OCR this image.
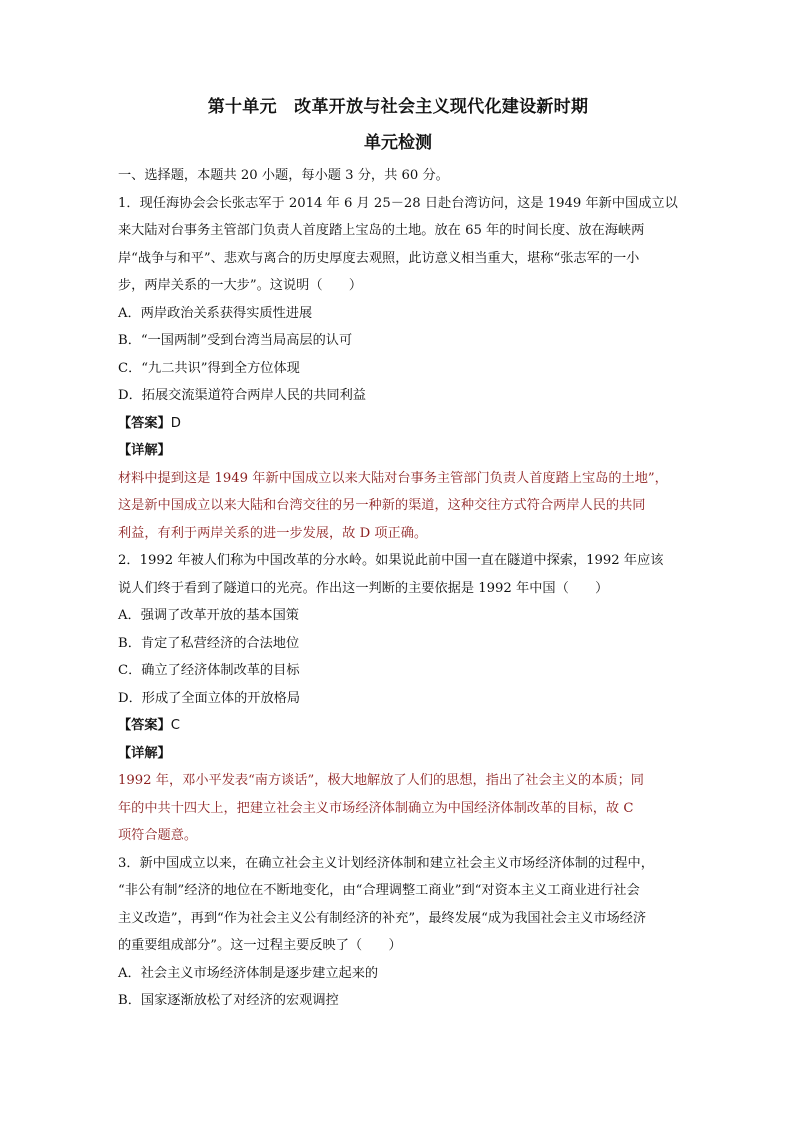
第十单元　改革开放与社会主义现代化建设新时期
单元检测

一、选择题，本题共 20 小题，每小题 3 分，共 60 分。

1．现任海协会会长张志军于 2014 年 6 月 25－28 日赴台湾访问，这是 1949 年新中国成立以
来大陆对台事务主管部门负责人首度踏上宝岛的土地。放在 65 年的时间长度、放在海峡两
岸“战争与和平”、悲欢与离合的历史厚度去观照，此访意义相当重大，堪称“张志军的一小
步，两岸关系的一大步”。这说明（　　）

A．两岸政治关系获得实质性进展

B．“一国两制”受到台湾当局高层的认可

C．“九二共识”得到全方位体现

D．拓展交流渠道符合两岸人民的共同利益

【答案】D

【详解】

材料中提到这是 1949 年新中国成立以来大陆对台事务主管部门负责人首度踏上宝岛的土地”，
这是新中国成立以来大陆和台湾交往的另一种新的渠道，这种交往方式符合两岸人民的共同
利益，有利于两岸关系的进一步发展，故 D 项正确。

2．1992 年被人们称为中国改革的分水岭。如果说此前中国一直在隧道中探索，1992 年应该
说人们终于看到了隧道口的光亮。作出这一判断的主要依据是 1992 年中国（　　）

A．强调了改革开放的基本国策

B．肯定了私营经济的合法地位

C．确立了经济体制改革的目标

D．形成了全面立体的开放格局

【答案】C

【详解】

1992 年，邓小平发表“南方谈话”，极大地解放了人们的思想，指出了社会主义的本质；同
年的中共十四大上，把建立社会主义市场经济体制确立为中国经济体制改革的目标，故 C
项符合题意。

3．新中国成立以来，在确立社会主义计划经济体制和建立社会主义市场经济体制的过程中，
“非公有制”经济的地位在不断地变化，由“合理调整工商业”到“对资本主义工商业进行社会
主义改造”，再到“作为社会主义公有制经济的补充”，最终发展“成为我国社会主义市场经济
的重要组成部分”。这一过程主要反映了（　　）

A．社会主义市场经济体制是逐步建立起来的

B．国家逐渐放松了对经济的宏观调控
